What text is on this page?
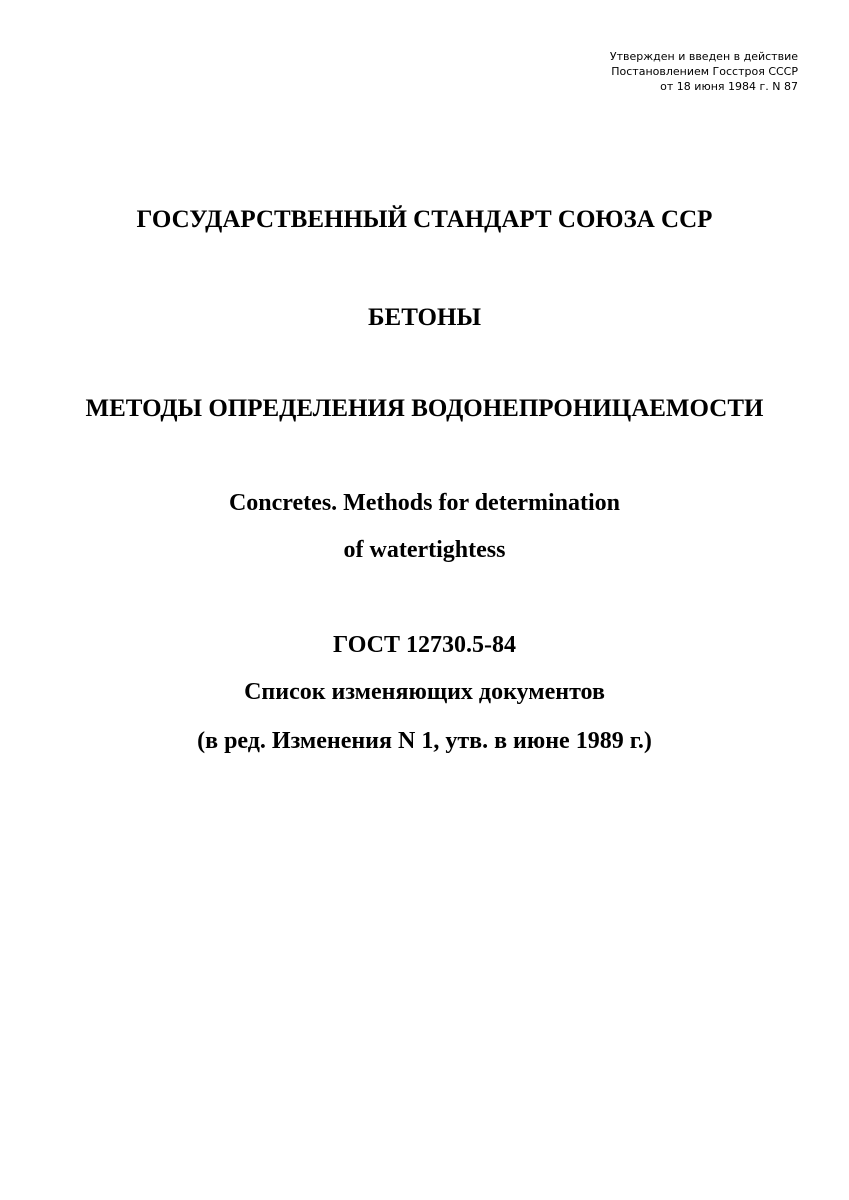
Утвержден и введен в действие
Постановлением Госстроя СССР
от 18 июня 1984 г. N 87
ГОСУДАРСТВЕННЫЙ СТАНДАРТ СОЮЗА ССР
БЕТОНЫ
МЕТОДЫ ОПРЕДЕЛЕНИЯ ВОДОНЕПРОНИЦАЕМОСТИ
Concretes. Methods for determination
of watertightess
ГОСТ 12730.5-84
Список изменяющих документов
(в ред. Изменения N 1, утв. в июне 1989 г.)
